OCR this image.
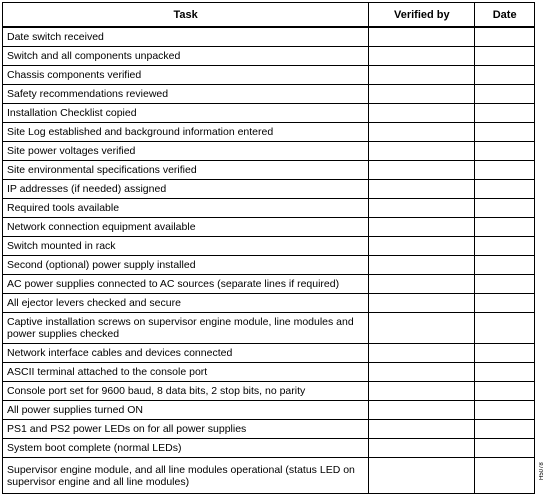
Task	Verified by	Date
Date switch received		
Switch and all components unpacked		
Chassis components verified		
Safety recommendations reviewed		
Installation Checklist copied		
Site Log established and background information entered		
Site power voltages verified		
Site environmental specifications verified		
IP addresses (if needed) assigned		
Required tools available		
Network connection equipment available		
Switch mounted in rack		
Second (optional) power supply installed		
AC power supplies connected to AC sources (separate lines if required)		
All ejector levers checked and secure		
Captive installation screws on supervisor engine module, line modules and power supplies checked		
Network interface cables and devices connected		
ASCII terminal attached to the console port		
Console port set for 9600 baud, 8 data bits, 2 stop bits, no parity		
All power supplies turned ON		
PS1 and PS2 power LEDs on for all power supplies		
System boot complete (normal LEDs)		
Supervisor engine module, and all line modules operational (status LED on supervisor engine and all line modules)		
H5078
